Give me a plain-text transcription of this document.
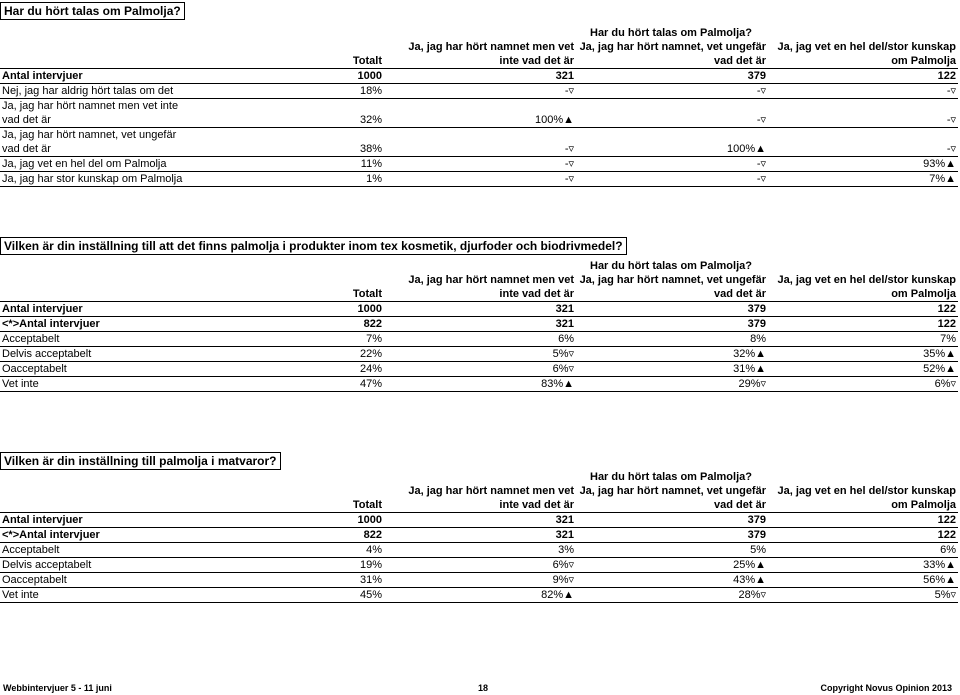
Har du hört talas om Palmolja?
		Har du hört talas om Palmolja?		
	Totalt	Ja, jag har hört namnet men vet inte vad det är	Ja, jag har hört namnet, vet ungefär vad det är	Ja, jag vet en hel del/stor kunskap om Palmolja
Antal intervjuer	1000	321	379	122
Nej, jag har aldrig hört talas om det	18%	-▿	-▿	-▿
Ja, jag har hört namnet men vet inte vad det är	32%	100%▲	-▿	-▿
Ja, jag har hört namnet, vet ungefär vad det är	38%	-▿	100%▲	-▿
Ja, jag vet en hel del om Palmolja	11%	-▿	-▿	93%▲
Ja, jag har stor kunskap om Palmolja	1%	-▿	-▿	7%▲
Vilken är din inställning till att det finns palmolja i produkter inom tex kosmetik, djurfoder och biodrivmedel?
		Har du hört talas om Palmolja?		
	Totalt	Ja, jag har hört namnet men vet inte vad det är	Ja, jag har hört namnet, vet ungefär vad det är	Ja, jag vet en hel del/stor kunskap om Palmolja
Antal intervjuer	1000	321	379	122
<*>Antal intervjuer	822	321	379	122
Acceptabelt	7%	6%	8%	7%
Delvis acceptabelt	22%	5%▿	32%▲	35%▲
Oacceptabelt	24%	6%▿	31%▲	52%▲
Vet inte	47%	83%▲	29%▿	6%▿
Vilken är din inställning till palmolja i matvaror?
		Har du hört talas om Palmolja?		
	Totalt	Ja, jag har hört namnet men vet inte vad det är	Ja, jag har hört namnet, vet ungefär vad det är	Ja, jag vet en hel del/stor kunskap om Palmolja
Antal intervjuer	1000	321	379	122
<*>Antal intervjuer	822	321	379	122
Acceptabelt	4%	3%	5%	6%
Delvis acceptabelt	19%	6%▿	25%▲	33%▲
Oacceptabelt	31%	9%▿	43%▲	56%▲
Vet inte	45%	82%▲	28%▿	5%▿
Webbintervjuer 5 - 11 juni	18	Copyright Novus Opinion 2013
